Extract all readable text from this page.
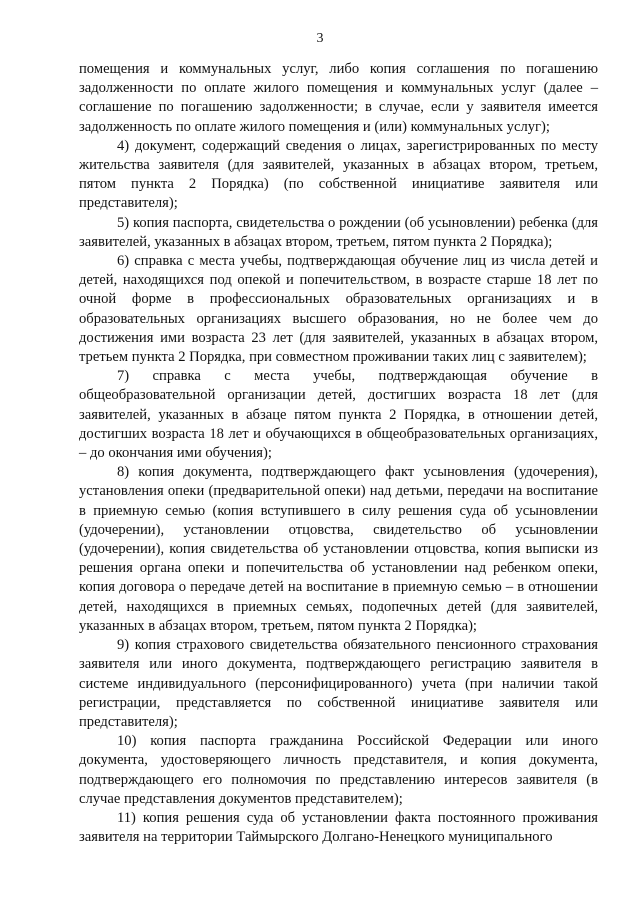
3

помещения и коммунальных услуг, либо копия соглашения по погашению задолженности по оплате жилого помещения и коммунальных услуг (далее – соглашение по погашению задолженности; в случае, если у заявителя имеется задолженность по оплате жилого помещения и (или) коммунальных услуг);

4) документ, содержащий сведения о лицах, зарегистрированных по месту жительства заявителя (для заявителей, указанных в абзацах втором, третьем, пятом пункта 2 Порядка) (по собственной инициативе заявителя или представителя);

5) копия паспорта, свидетельства о рождении (об усыновлении) ребенка (для заявителей, указанных в абзацах втором, третьем, пятом пункта 2 Порядка);

6) справка с места учебы, подтверждающая обучение лиц из числа детей и детей, находящихся под опекой и попечительством, в возрасте старше 18 лет по очной форме в профессиональных образовательных организациях и в образовательных организациях высшего образования, но не более чем до достижения ими возраста 23 лет (для заявителей, указанных в абзацах втором, третьем пункта 2 Порядка, при совместном проживании таких лиц с заявителем);

7) справка с места учебы, подтверждающая обучение в общеобразовательной организации детей, достигших возраста 18 лет (для заявителей, указанных в абзаце пятом пункта 2 Порядка, в отношении детей, достигших возраста 18 лет и обучающихся в общеобразовательных организациях, – до окончания ими обучения);

8) копия документа, подтверждающего факт усыновления (удочерения), установления опеки (предварительной опеки) над детьми, передачи на воспитание в приемную семью (копия вступившего в силу решения суда об усыновлении (удочерении), установлении отцовства, свидетельство об усыновлении (удочерении), копия свидетельства об установлении отцовства, копия выписки из решения органа опеки и попечительства об установлении над ребенком опеки, копия договора о передаче детей на воспитание в приемную семью – в отношении детей, находящихся в приемных семьях, подопечных детей (для заявителей, указанных в абзацах втором, третьем, пятом пункта 2 Порядка);

9) копия страхового свидетельства обязательного пенсионного страхования заявителя или иного документа, подтверждающего регистрацию заявителя в системе индивидуального (персонифицированного) учета (при наличии такой регистрации, представляется по собственной инициативе заявителя или представителя);

10) копия паспорта гражданина Российской Федерации или иного документа, удостоверяющего личность представителя, и копия документа, подтверждающего его полномочия по представлению интересов заявителя (в случае представления документов представителем);

11) копия решения суда об установлении факта постоянного проживания заявителя на территории Таймырского Долгано-Ненецкого муниципального
